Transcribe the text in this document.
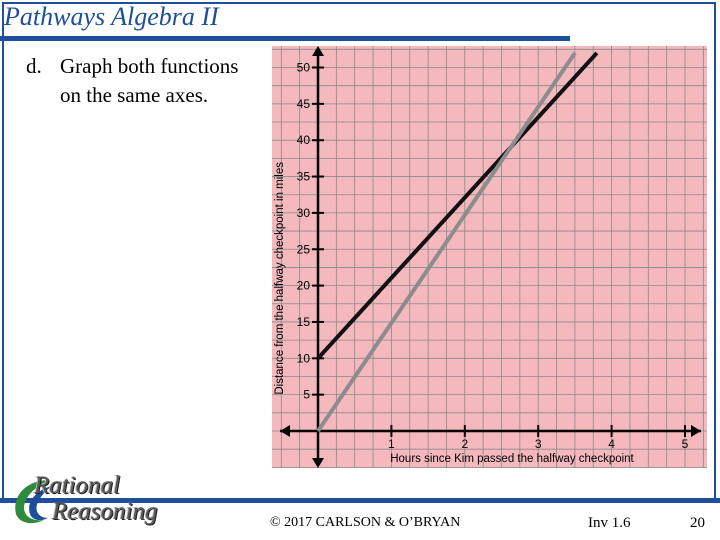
Pathways Algebra II
d. Graph both functions
on the same axes.
1	2	3	4	5
5
10
15
20
25
30
35
40
45
50
Hours since Kim passed the halfway checkpoint
Distance from the halfway checkpoint in miles
Rational
Reasoning	© 2017 CARLSON & O’BRYAN	Inv 1.6	20
